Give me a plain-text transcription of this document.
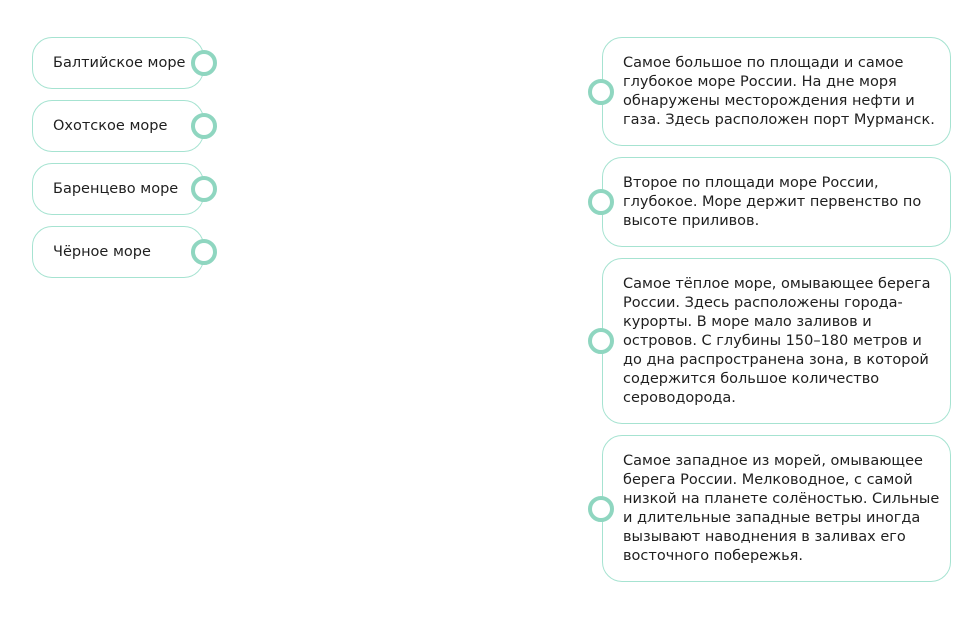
Балтийское море
Охотское море
Баренцево море
Чёрное море
Самое большое по площади и самое глубокое море России. На дне моря обнаружены месторождения нефти и газа. Здесь расположен порт Мурманск.
Второе по площади море России, глубокое. Море держит первенство по высоте приливов.
Самое тёплое море, омывающее берега России. Здесь расположены города-курорты. В море мало заливов и островов. С глубины 150–180 метров и до дна распространена зона, в которой содержится большое количество сероводорода.
Самое западное из морей, омывающее берега России. Мелководное, с самой низкой на планете солёностью. Сильные и длительные западные ветры иногда вызывают наводнения в заливах его восточного побережья.
